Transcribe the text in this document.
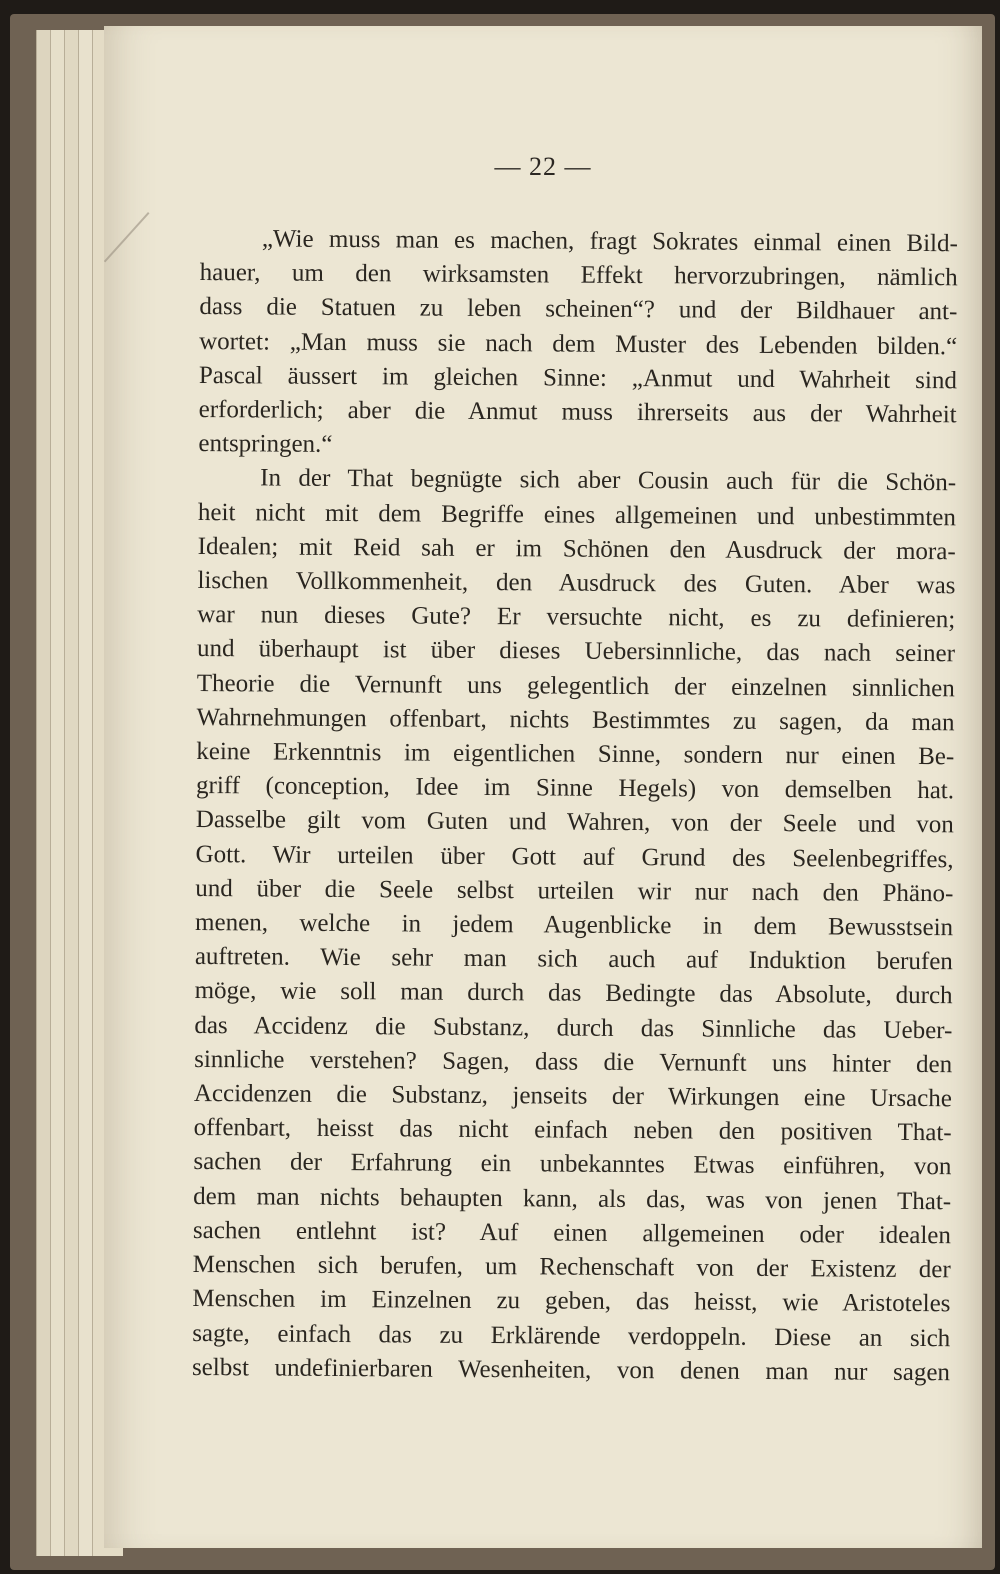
— 22 —
„Wie muss man es machen, fragt Sokrates einmal einen Bild-
hauer, um den wirksamsten Effekt hervorzubringen, nämlich
dass die Statuen zu leben scheinen“? und der Bildhauer ant-
wortet: „Man muss sie nach dem Muster des Lebenden bilden.“
Pascal äussert im gleichen Sinne: „Anmut und Wahrheit sind
erforderlich; aber die Anmut muss ihrerseits aus der Wahrheit
entspringen.“
In der That begnügte sich aber Cousin auch für die Schön-
heit nicht mit dem Begriffe eines allgemeinen und unbestimmten
Idealen; mit Reid sah er im Schönen den Ausdruck der mora-
lischen Vollkommenheit, den Ausdruck des Guten. Aber was
war nun dieses Gute? Er versuchte nicht, es zu definieren;
und überhaupt ist über dieses Uebersinnliche, das nach seiner
Theorie die Vernunft uns gelegentlich der einzelnen sinnlichen
Wahrnehmungen offenbart, nichts Bestimmtes zu sagen, da man
keine Erkenntnis im eigentlichen Sinne, sondern nur einen Be-
griff (conception, Idee im Sinne Hegels) von demselben hat.
Dasselbe gilt vom Guten und Wahren, von der Seele und von
Gott. Wir urteilen über Gott auf Grund des Seelenbegriffes,
und über die Seele selbst urteilen wir nur nach den Phäno-
menen, welche in jedem Augenblicke in dem Bewusstsein
auftreten. Wie sehr man sich auch auf Induktion berufen
möge, wie soll man durch das Bedingte das Absolute, durch
das Accidenz die Substanz, durch das Sinnliche das Ueber-
sinnliche verstehen? Sagen, dass die Vernunft uns hinter den
Accidenzen die Substanz, jenseits der Wirkungen eine Ursache
offenbart, heisst das nicht einfach neben den positiven That-
sachen der Erfahrung ein unbekanntes Etwas einführen, von
dem man nichts behaupten kann, als das, was von jenen That-
sachen entlehnt ist? Auf einen allgemeinen oder idealen
Menschen sich berufen, um Rechenschaft von der Existenz der
Menschen im Einzelnen zu geben, das heisst, wie Aristoteles
sagte, einfach das zu Erklärende verdoppeln. Diese an sich
selbst undefinierbaren Wesenheiten, von denen man nur sagen
